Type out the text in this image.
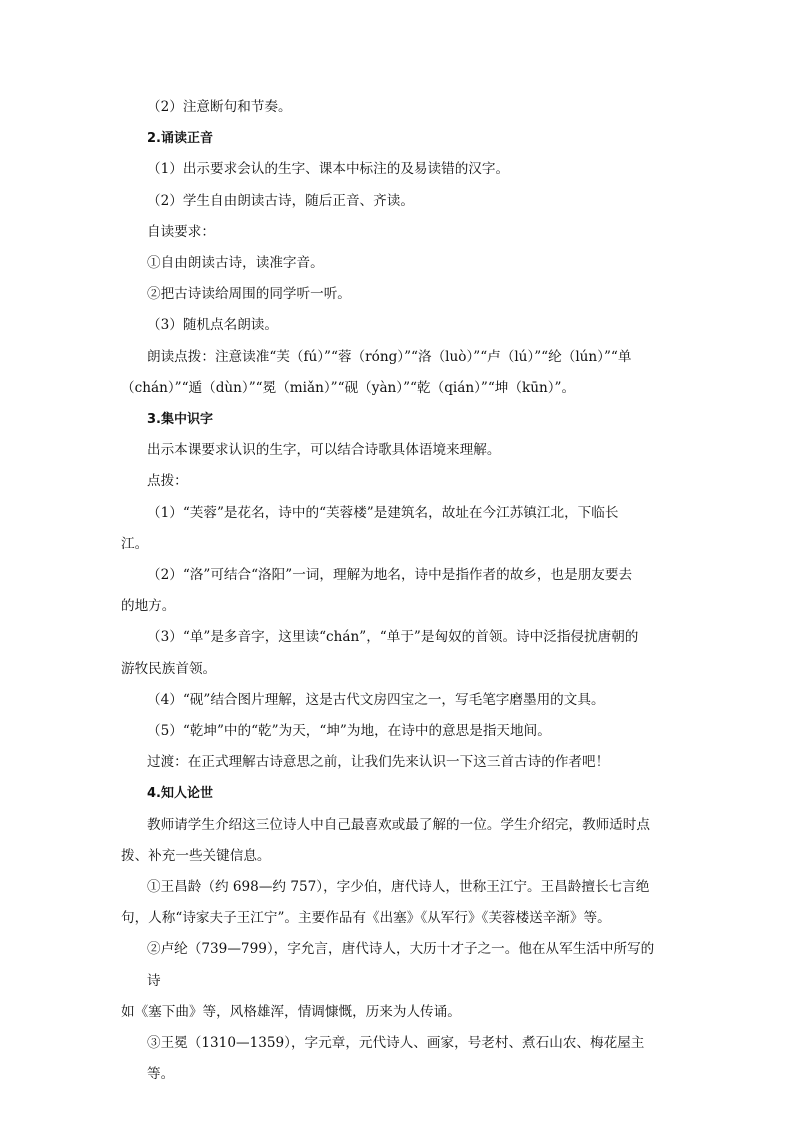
（2）注意断句和节奏。

2.诵读正音

（1）出示要求会认的生字、课本中标注的及易读错的汉字。

（2）学生自由朗读古诗，随后正音、齐读。

自读要求：

①自由朗读古诗，读准字音。

②把古诗读给周围的同学听一听。

（3）随机点名朗读。

朗读点拨：注意读准“芙（fú）”“蓉（róng）”“洛（luò）”“卢（lú）”“纶（lún）”“单

（chán）”“遁（dùn）”“冕（miǎn）”“砚（yàn）”“乾（qián）”“坤（kūn）”。

3.集中识字

出示本课要求认识的生字，可以结合诗歌具体语境来理解。

点拨：

（1）“芙蓉”是花名，诗中的“芙蓉楼”是建筑名，故址在今江苏镇江北，下临长

江。

（2）“洛”可结合“洛阳”一词，理解为地名，诗中是指作者的故乡，也是朋友要去

的地方。

（3）“单”是多音字，这里读“chán”，“单于”是匈奴的首领。诗中泛指侵扰唐朝的

游牧民族首领。

（4）“砚”结合图片理解，这是古代文房四宝之一，写毛笔字磨墨用的文具。

（5）“乾坤”中的“乾”为天，“坤”为地，在诗中的意思是指天地间。

过渡：在正式理解古诗意思之前，让我们先来认识一下这三首古诗的作者吧！

4.知人论世

教师请学生介绍这三位诗人中自己最喜欢或最了解的一位。学生介绍完，教师适时点

拨、补充一些关键信息。

①王昌龄（约 698—约 757），字少伯，唐代诗人，世称王江宁。王昌龄擅长七言绝

句，人称“诗家夫子王江宁”。主要作品有《出塞》《从军行》《芙蓉楼送辛渐》等。

②卢纶（739—799），字允言，唐代诗人，大历十才子之一。他在从军生活中所写的诗

如《塞下曲》等，风格雄浑，情调慷慨，历来为人传诵。

③王冕（1310—1359），字元章，元代诗人、画家，号老村、煮石山农、梅花屋主等。
